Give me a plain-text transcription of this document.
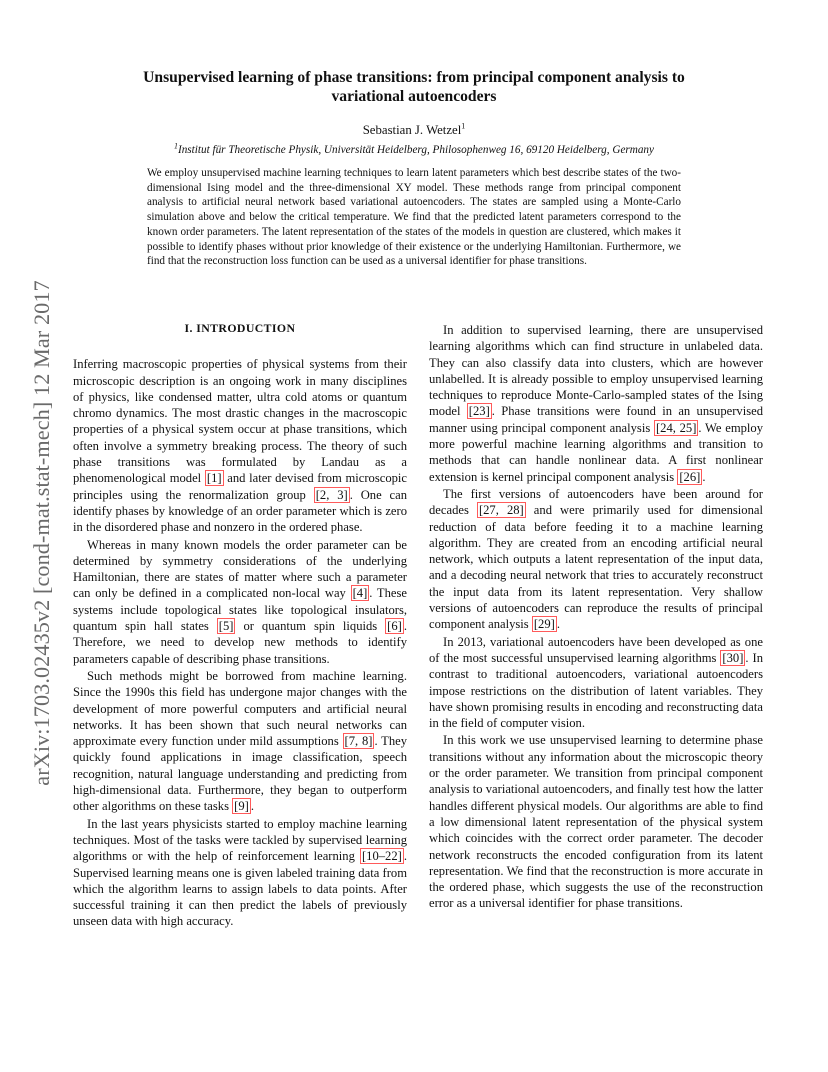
arXiv:1703.02435v2 [cond-mat.stat-mech] 12 Mar 2017
Unsupervised learning of phase transitions: from principal component analysis to
variational autoencoders
Sebastian J. Wetzel$^1$
$^1$Institut für Theoretische Physik, Universität Heidelberg, Philosophenweg 16, 69120 Heidelberg, Germany
We employ unsupervised machine learning techniques to learn latent parameters which best describe states of the two-dimensional Ising model and the three-dimensional XY model. These methods range from principal component analysis to artificial neural network based variational autoencoders. The states are sampled using a Monte-Carlo simulation above and below the critical temperature. We find that the predicted latent parameters correspond to the known order parameters. The latent representation of the states of the models in question are clustered, which makes it possible to identify phases without prior knowledge of their existence or the underlying Hamiltonian. Furthermore, we find that the reconstruction loss function can be used as a universal identifier for phase transitions.
I. INTRODUCTION

Inferring macroscopic properties of physical systems from their microscopic description is an ongoing work in many disciplines of physics, like condensed matter, ultra cold atoms or quantum chromo dynamics. The most drastic changes in the macroscopic properties of a physical system occur at phase transitions, which often involve a symmetry breaking process. The theory of such phase transitions was formulated by Landau as a phenomenological model [1] and later devised from microscopic principles using the renormalization group [2, 3] . One can identify phases by knowledge of an order parameter which is zero in the disordered phase and nonzero in the ordered phase.

Whereas in many known models the order parameter can be determined by symmetry considerations of the underlying Hamiltonian, there are states of matter where such a parameter can only be defined in a complicated non-local way [4] . These systems include topological states like topological insulators, quantum spin hall states [5] or quantum spin liquids [6] . Therefore, we need to develop new methods to identify parameters capable of describing phase transitions.

Such methods might be borrowed from machine learning. Since the 1990s this field has undergone major changes with the development of more powerful computers and artificial neural networks. It has been shown that such neural networks can approximate every function under mild assumptions [7, 8] . They quickly found applications in image classification, speech recognition, natural language understanding and predicting from high-dimensional data. Furthermore, they began to outperform other algorithms on these tasks [9] .

In the last years physicists started to employ machine learning techniques. Most of the tasks were tackled by supervised learning algorithms or with the help of reinforcement learning [10–22] . Supervised learning means one is given labeled training data from which the algorithm learns to assign labels to data points. After successful training it can then predict the labels of previously unseen data with high accuracy.

In addition to supervised learning, there are unsupervised learning algorithms which can find structure in unlabeled data. They can also classify data into clusters, which are however unlabelled. It is already possible to employ unsupervised learning techniques to reproduce Monte-Carlo-sampled states of the Ising model [23] . Phase transitions were found in an unsupervised manner using principal component analysis [24, 25] . We employ more powerful machine learning algorithms and transition to methods that can handle nonlinear data. A first nonlinear extension is kernel principal component analysis [26] .

The first versions of autoencoders have been around for decades [27, 28] and were primarily used for dimensional reduction of data before feeding it to a machine learning algorithm. They are created from an encoding artificial neural network, which outputs a latent representation of the input data, and a decoding neural network that tries to accurately reconstruct the input data from its latent representation. Very shallow versions of autoencoders can reproduce the results of principal component analysis [29] .

In 2013, variational autoencoders have been developed as one of the most successful unsupervised learning algorithms [30] . In contrast to traditional autoencoders, variational autoencoders impose restrictions on the distribution of latent variables. They have shown promising results in encoding and reconstructing data in the field of computer vision.

In this work we use unsupervised learning to determine phase transitions without any information about the microscopic theory or the order parameter. We transition from principal component analysis to variational autoencoders, and finally test how the latter handles different physical models. Our algorithms are able to find a low dimensional latent representation of the physical system which coincides with the correct order parameter. The decoder network reconstructs the encoded configuration from its latent representation. We find that the reconstruction is more accurate in the ordered phase, which suggests the use of the reconstruction error as a universal identifier for phase transitions.
